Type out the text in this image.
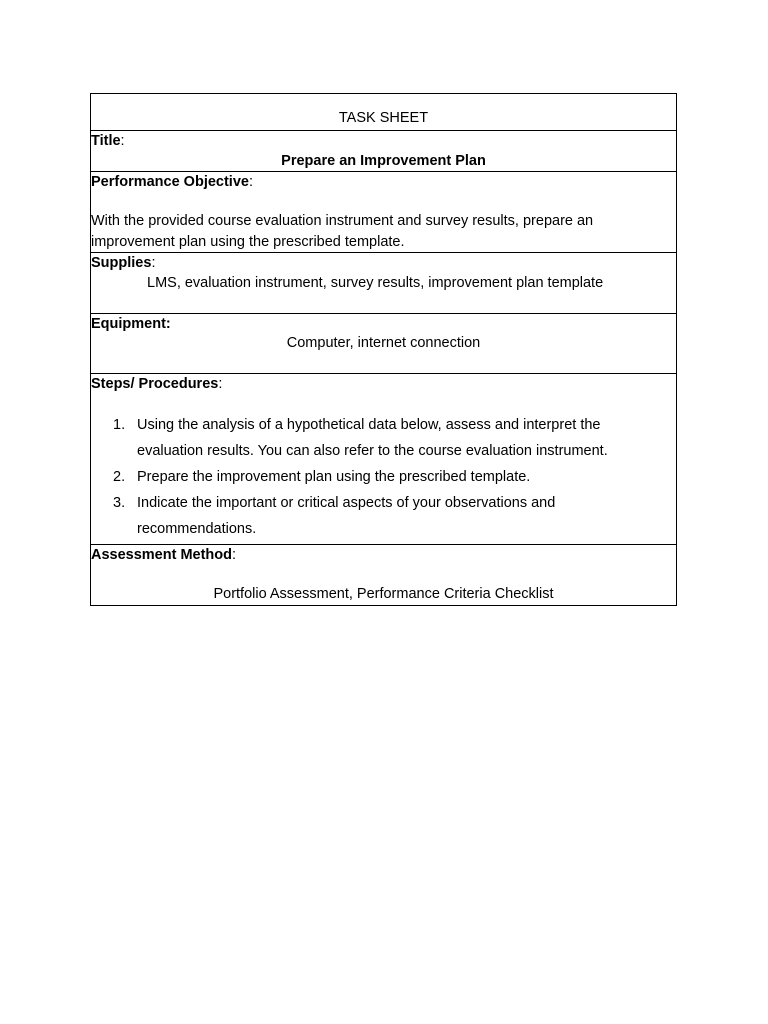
TASK SHEET
Title:
Prepare an Improvement Plan
Performance Objective:
With the provided course evaluation instrument and survey results, prepare an improvement plan using the prescribed template.
Supplies:
LMS, evaluation instrument, survey results, improvement plan template
Equipment:
Computer, internet connection
Steps/ Procedures:
1. Using the analysis of a hypothetical data below, assess and interpret the evaluation results. You can also refer to the course evaluation instrument.
2. Prepare the improvement plan using the prescribed template.
3. Indicate the important or critical aspects of your observations and recommendations.
Assessment Method:
Portfolio Assessment, Performance Criteria Checklist
